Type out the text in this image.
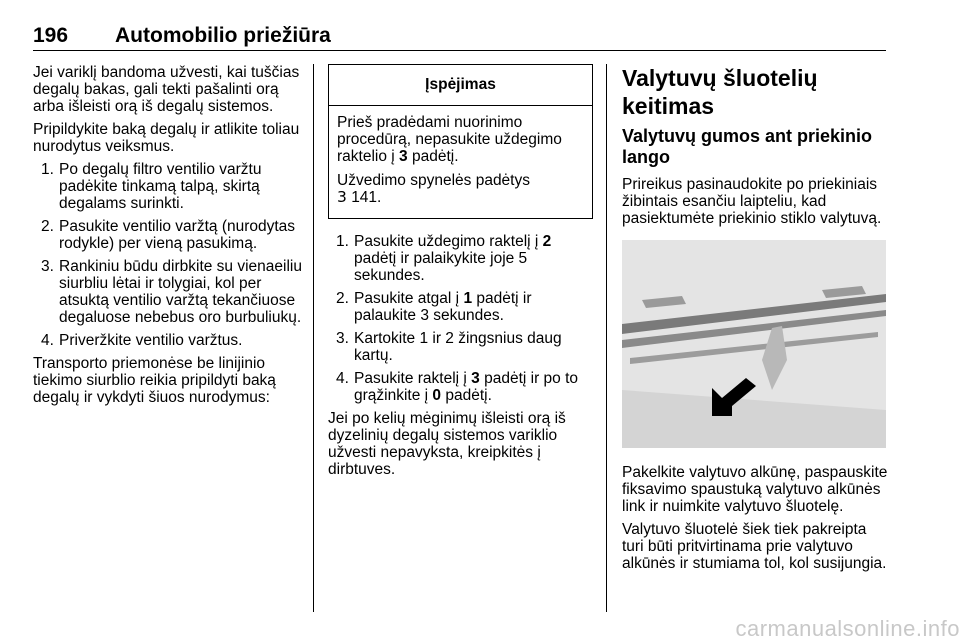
196 Automobilio priežiūra

Jei variklį bandoma užvesti, kai tuščias degalų bakas, gali tekti pašalinti orą arba išleisti orą iš degalų sistemos.

Pripildykite baką degalų ir atlikite toliau nurodytus veiksmus.

1. Po degalų filtro ventilio varžtu padėkite tinkamą talpą, skirtą degalams surinkti.
2. Pasukite ventilio varžtą (nurodytas rodykle) per vieną pasukimą.
3. Rankiniu būdu dirbkite su vienaeiliu siurbliu lėtai ir tolygiai, kol per atsuktą ventilio varžtą tekančiuose degaluose nebebus oro burbuliukų.
4. Priveržkite ventilio varžtus.

Transporto priemonėse be linijinio tiekimo siurblio reikia pripildyti baką degalų ir vykdyti šiuos nurodymus:

Įspėjimas

Prieš pradėdami nuorinimo procedūrą, nepasukite uždegimo raktelio į 3 padėtį.

Užvedimo spynelės padėtys
3 141.

1. Pasukite uždegimo raktelį į 2 padėtį ir palaikykite joje 5 sekundes.
2. Pasukite atgal į 1 padėtį ir palaukite 3 sekundes.
3. Kartokite 1 ir 2 žingsnius daug kartų.
4. Pasukite raktelį į 3 padėtį ir po to grąžinkite į 0 padėtį.

Jei po kelių mėginimų išleisti orą iš dyzelinių degalų sistemos variklio užvesti nepavyksta, kreipkitės į dirbtuves.

Valytuvų šluotelių keitimas
Valytuvų gumos ant priekinio lango

Prireikus pasinaudokite po priekiniais žibintais esančiu laipteliu, kad pasiektumėte priekinio stiklo valytuvą.

Pakelkite valytuvo alkūnę, paspauskite fiksavimo spaustuką valytuvo alkūnės link ir nuimkite valytuvo šluotelę.

Valytuvo šluotelė šiek tiek pakreipta turi būti pritvirtinama prie valytuvo alkūnės ir stumiama tol, kol susijungia.

carmanualsonline.info
